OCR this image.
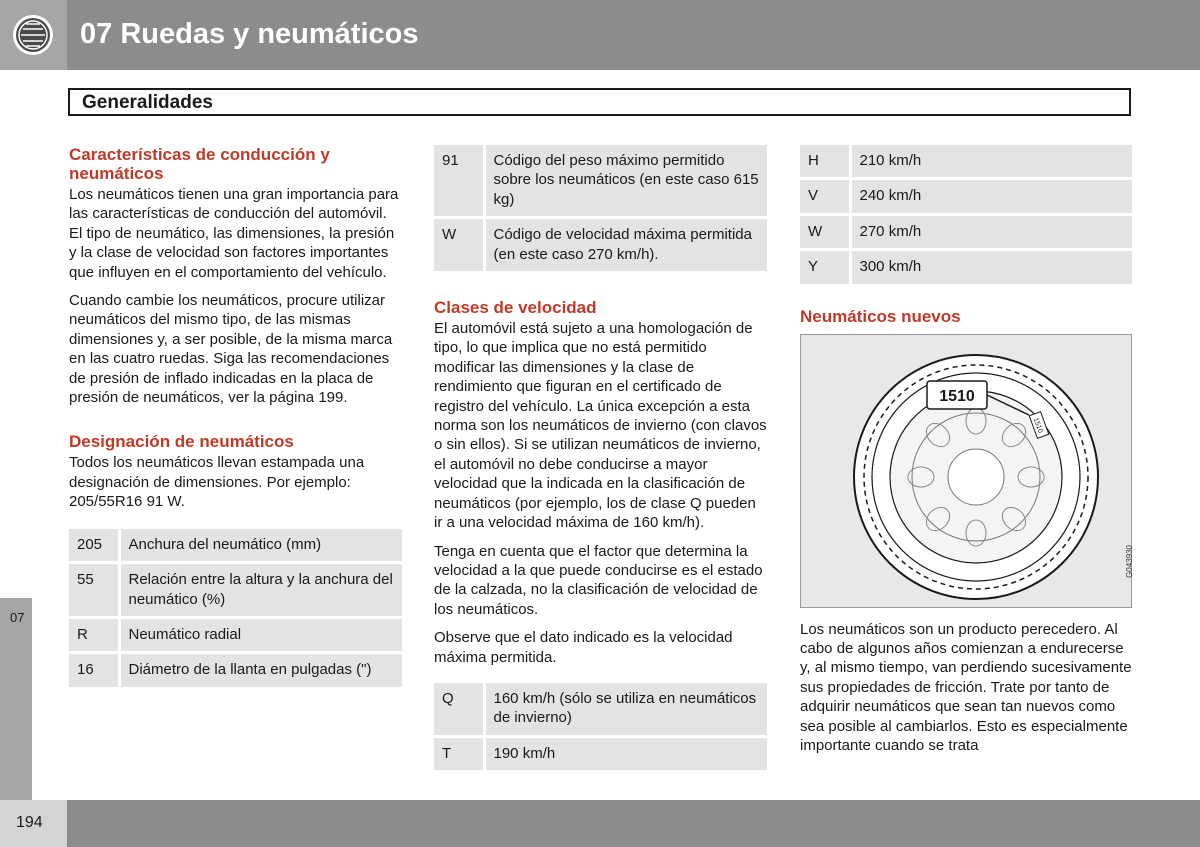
07 Ruedas y neumáticos
Generalidades
Características de conducción y neumáticos

Los neumáticos tienen una gran importancia para las características de conducción del automóvil. El tipo de neumático, las dimensiones, la presión y la clase de velocidad son factores importantes que influyen en el comportamiento del vehículo.

Cuando cambie los neumáticos, procure utilizar neumáticos del mismo tipo, de las mismas dimensiones y, a ser posible, de la misma marca en las cuatro ruedas. Siga las recomendaciones de presión de inflado indicadas en la placa de presión de neumáticos, ver la página 199.

Designación de neumáticos

Todos los neumáticos llevan estampada una designación de dimensiones. Por ejemplo: 205/55R16 91 W.

205	Anchura del neumático (mm)
55	Relación entre la altura y la anchura del neumático (%)
R	Neumático radial
16	Diámetro de la llanta en pulgadas (")
91	Código del peso máximo permitido sobre los neumáticos (en este caso 615 kg)
W	Código de velocidad máxima permitida (en este caso 270 km/h).
Clases de velocidad

El automóvil está sujeto a una homologación de tipo, lo que implica que no está permitido modificar las dimensiones y la clase de rendimiento que figuran en el certificado de registro del vehículo. La única excepción a esta norma son los neumáticos de invierno (con clavos o sin ellos). Si se utilizan neumáticos de invierno, el automóvil no debe conducirse a mayor velocidad que la indicada en la clasificación de neumáticos (por ejemplo, los de clase Q pueden ir a una velocidad máxima de 160 km/h).

Tenga en cuenta que el factor que determina la velocidad a la que puede conducirse es el estado de la calzada, no la clasificación de velocidad de los neumáticos.

Observe que el dato indicado es la velocidad máxima permitida.

Q	160 km/h (sólo se utiliza en neumáticos de invierno)
T	190 km/h
H	210 km/h
V	240 km/h
W	270 km/h
Y	300 km/h
Neumáticos nuevos
1510
1510
G043930

Los neumáticos son un producto perecedero. Al cabo de algunos años comienzan a endurecerse y, al mismo tiempo, van perdiendo sucesivamente sus propiedades de fricción. Trate por tanto de adquirir neumáticos que sean tan nuevos como sea posible al cambiarlos. Esto es especialmente importante cuando se trata

07
194
